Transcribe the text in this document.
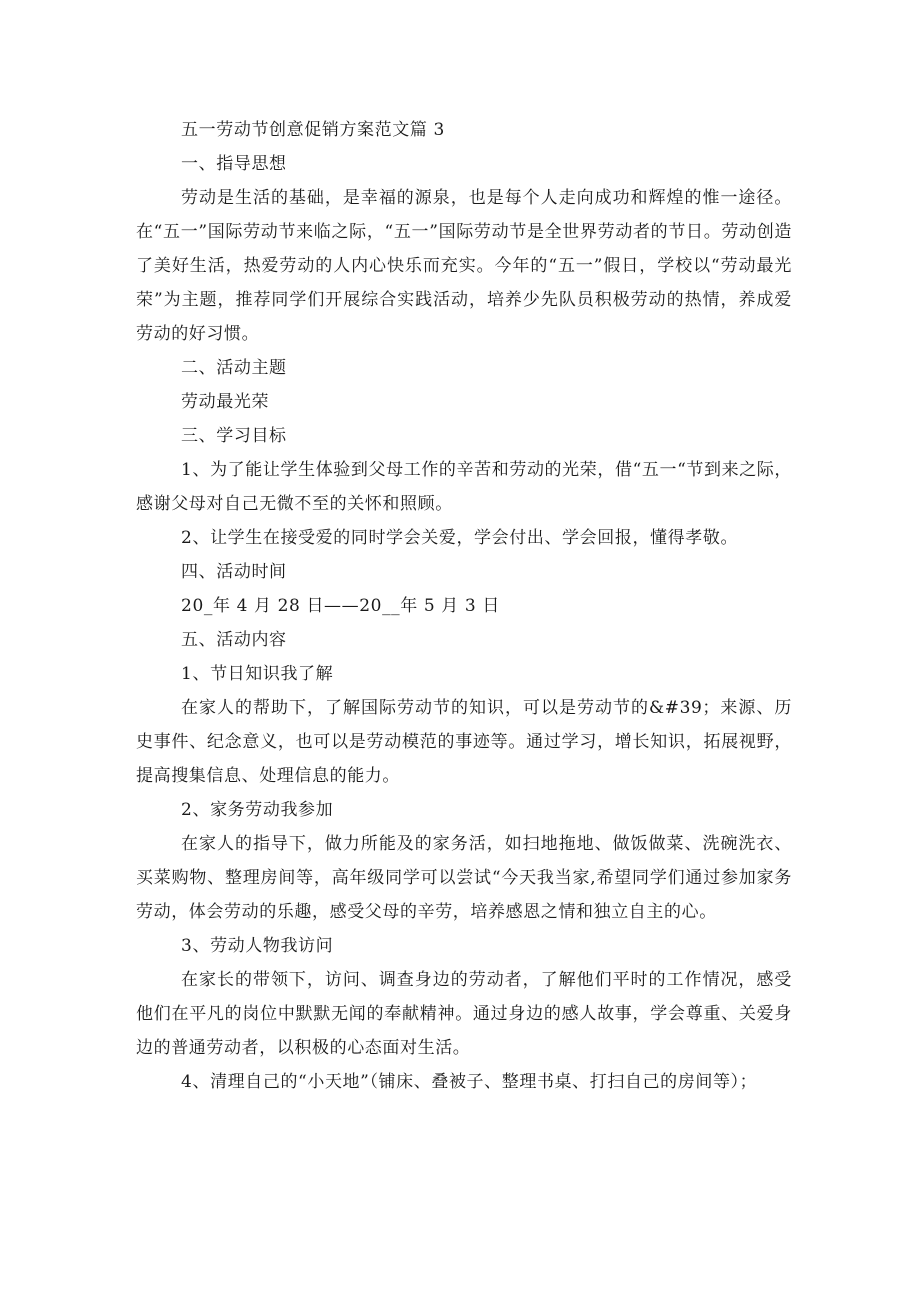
五一劳动节创意促销方案范文篇 3

一、指导思想

劳动是生活的基础，是幸福的源泉，也是每个人走向成功和辉煌的惟一途径。在“五一”国际劳动节来临之际，“五一”国际劳动节是全世界劳动者的节日。劳动创造了美好生活，热爱劳动的人内心快乐而充实。今年的“五一”假日，学校以“劳动最光荣”为主题，推荐同学们开展综合实践活动，培养少先队员积极劳动的热情，养成爱劳动的好习惯。

二、活动主题

劳动最光荣

三、学习目标

1、为了能让学生体验到父母工作的辛苦和劳动的光荣，借“五一“节到来之际，感谢父母对自己无微不至的关怀和照顾。

2、让学生在接受爱的同时学会关爱，学会付出、学会回报，懂得孝敬。

四、活动时间

20_年 4 月 28 日——20__年 5 月 3 日

五、活动内容

1、节日知识我了解

在家人的帮助下，了解国际劳动节的知识，可以是劳动节的&#39；来源、历史事件、纪念意义，也可以是劳动模范的事迹等。通过学习，增长知识，拓展视野，提高搜集信息、处理信息的能力。

2、家务劳动我参加

在家人的指导下，做力所能及的家务活，如扫地拖地、做饭做菜、洗碗洗衣、买菜购物、整理房间等，高年级同学可以尝试“今天我当家,希望同学们通过参加家务劳动，体会劳动的乐趣，感受父母的辛劳，培养感恩之情和独立自主的心。

3、劳动人物我访问

在家长的带领下，访问、调查身边的劳动者，了解他们平时的工作情况，感受他们在平凡的岗位中默默无闻的奉献精神。通过身边的感人故事，学会尊重、关爱身边的普通劳动者，以积极的心态面对生活。

4、清理自己的“小天地”（铺床、叠被子、整理书桌、打扫自己的房间等）；
